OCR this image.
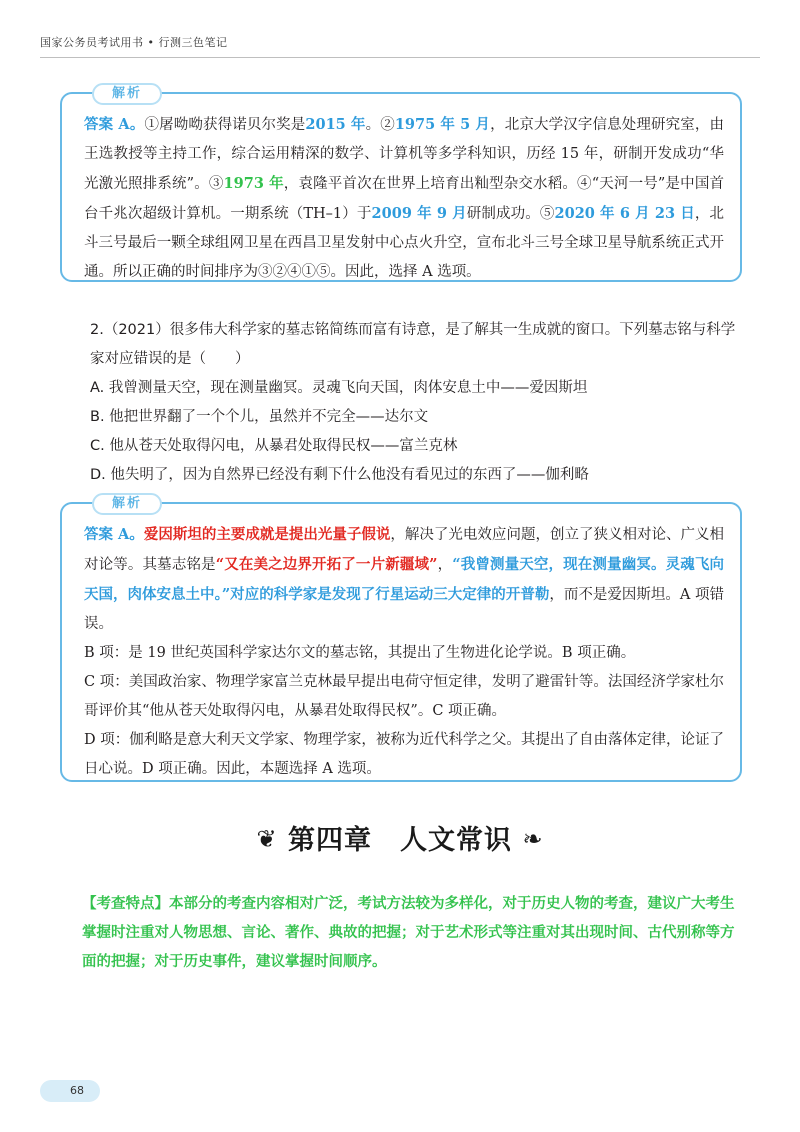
国家公务员考试用书 • 行测三色笔记
解析

答案 A。①屠呦呦获得诺贝尔奖是2015 年。②1975 年 5 月，北京大学汉字信息处理研究室，由王选教授等主持工作，综合运用精深的数学、计算机等多学科知识，历经 15 年，研制开发成功“华光激光照排系统”。③1973 年，袁隆平首次在世界上培育出籼型杂交水稻。④“天河一号”是中国首台千兆次超级计算机。一期系统（TH–1）于2009 年 9 月研制成功。⑤2020 年 6 月 23 日，北斗三号最后一颗全球组网卫星在西昌卫星发射中心点火升空，宣布北斗三号全球卫星导航系统正式开通。所以正确的时间排序为③②④①⑤。因此，选择 A 选项。

2.（2021）很多伟大科学家的墓志铭简练而富有诗意，是了解其一生成就的窗口。下列墓志铭与科学家对应错误的是（　　）
A. 我曾测量天空，现在测量幽冥。灵魂飞向天国，肉体安息土中——爱因斯坦
B. 他把世界翻了一个个儿，虽然并不完全——达尔文
C. 他从苍天处取得闪电，从暴君处取得民权——富兰克林
D. 他失明了，因为自然界已经没有剩下什么他没有看见过的东西了——伽利略
解析

答案 A。爱因斯坦的主要成就是提出光量子假说，解决了光电效应问题，创立了狭义相对论、广义相对论等。其墓志铭是“又在美之边界开拓了一片新疆域”，“我曾测量天空，现在测量幽冥。灵魂飞向天国，肉体安息土中。”对应的科学家是发现了行星运动三大定律的开普勒，而不是爱因斯坦。A 项错误。

B 项：是 19 世纪英国科学家达尔文的墓志铭，其提出了生物进化论学说。B 项正确。

C 项：美国政治家、物理学家富兰克林最早提出电荷守恒定律，发明了避雷针等。法国经济学家杜尔哥评价其“他从苍天处取得闪电，从暴君处取得民权”。C 项正确。

D 项：伽利略是意大利天文学家、物理学家，被称为近代科学之父。其提出了自由落体定律，论证了日心说。D 项正确。因此，本题选择 A 选项。

❦ 第四章　人文常识 ❧
【考查特点】本部分的考查内容相对广泛，考试方法较为多样化，对于历史人物的考查，建议广大考生掌握时注重对人物思想、言论、著作、典故的把握；对于艺术形式等注重对其出现时间、古代别称等方面的把握；对于历史事件，建议掌握时间顺序。
68
